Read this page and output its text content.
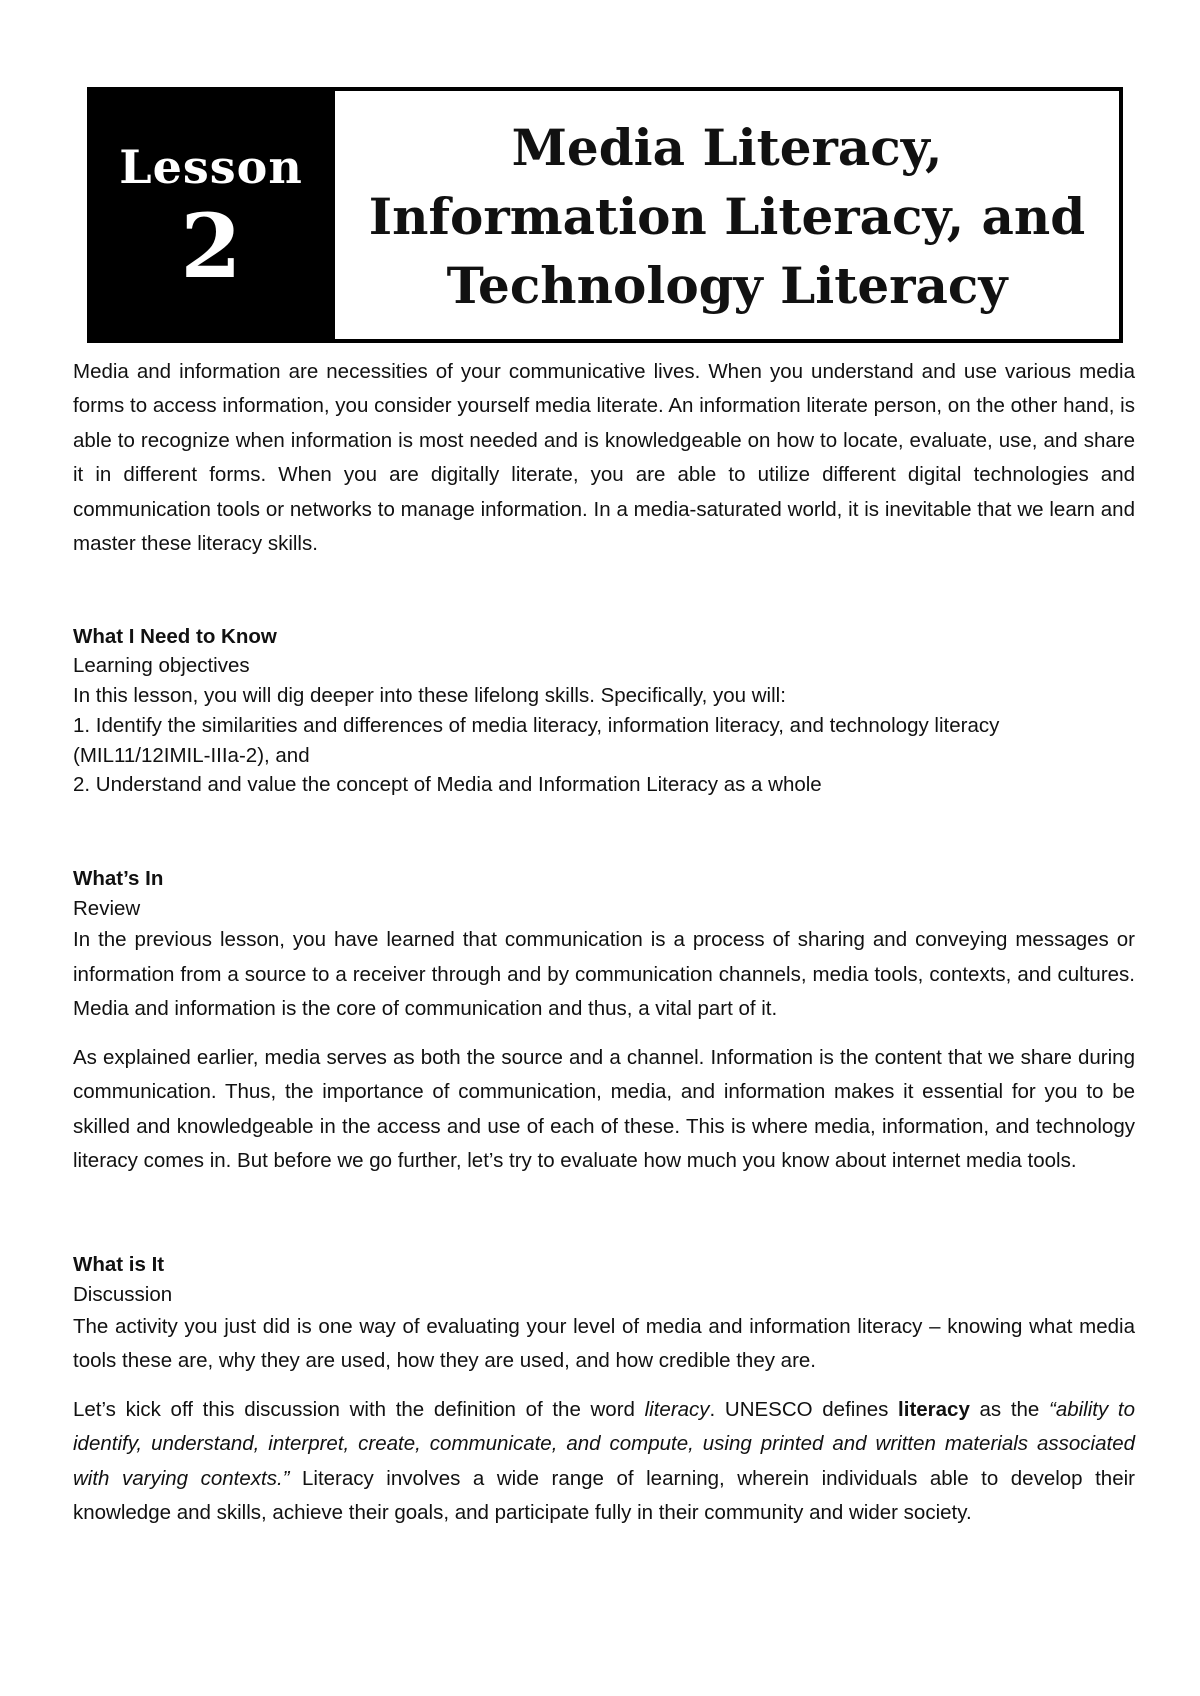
Lesson
2
Media Literacy,
Information Literacy, and
Technology Literacy

Media and information are necessities of your communicative lives. When you understand and use various media forms to access information, you consider yourself media literate. An information literate person, on the other hand, is able to recognize when information is most needed and is knowledgeable on how to locate, evaluate, use, and share it in different forms. When you are digitally literate, you are able to utilize different digital technologies and communication tools or networks to manage information. In a media-saturated world, it is inevitable that we learn and master these literacy skills.

What I Need to Know
Learning objectives
In this lesson, you will dig deeper into these lifelong skills. Specifically, you will:
1. Identify the similarities and differences of media literacy, information literacy, and technology literacy (MIL11/12IMIL-IIIa-2), and
2. Understand and value the concept of Media and Information Literacy as a whole
What’s In
Review

In the previous lesson, you have learned that communication is a process of sharing and conveying messages or information from a source to a receiver through and by communication channels, media tools, contexts, and cultures. Media and information is the core of communication and thus, a vital part of it.

As explained earlier, media serves as both the source and a channel. Information is the content that we share during communication. Thus, the importance of communication, media, and information makes it essential for you to be skilled and knowledgeable in the access and use of each of these. This is where media, information, and technology literacy comes in. But before we go further, let’s try to evaluate how much you know about internet media tools.

What is It
Discussion

The activity you just did is one way of evaluating your level of media and information literacy – knowing what media tools these are, why they are used, how they are used, and how credible they are.

Let’s kick off this discussion with the definition of the word literacy. UNESCO defines literacy as the “ability to identify, understand, interpret, create, communicate, and compute, using printed and written materials associated with varying contexts.” Literacy involves a wide range of learning, wherein individuals able to develop their knowledge and skills, achieve their goals, and participate fully in their community and wider society.
